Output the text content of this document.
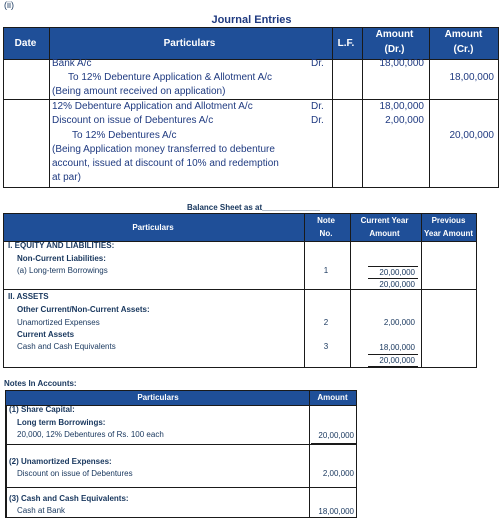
(ii)
Journal Entries
Date	Particulars	L.F.
Amount
(Dr.)
Amount
(Cr.)
Bank A/c	Dr.	18,00,000
To 12% Debenture Application & Allotment A/c	18,00,000
(Being amount received on application)
12% Debenture Application and Allotment A/c	Dr.	18,00,000
Discount on issue of Debentures A/c	Dr.	2,00,000
To 12% Debentures A/c	20,00,000
(Being Application money transferred to debenture
account, issued at discount of 10% and redemption
at par)
Balance Sheet as at_____________
Particulars
Note
No.
Current Year
Amount
Previous
Year Amount
I. EQUITY AND LIABILITIES:
Non-Current Liabilities:
(a) Long-term Borrowings	1	20,00,000
20,00,000
II. ASSETS
Other Current/Non-Current Assets:
Unamortized Expenses	2	2,00,000
Current Assets
Cash and Cash Equivalents	3	18,00,000
20,00,000
Notes In Accounts:
Particulars	Amount
(1) Share Capital:
Long term Borrowings:
20,000, 12% Debentures of Rs. 100 each	20,00,000
(2) Unamortized Expenses:
Discount on issue of Debentures	2,00,000
(3) Cash and Cash Equivalents:
Cash at Bank	18,00,000
